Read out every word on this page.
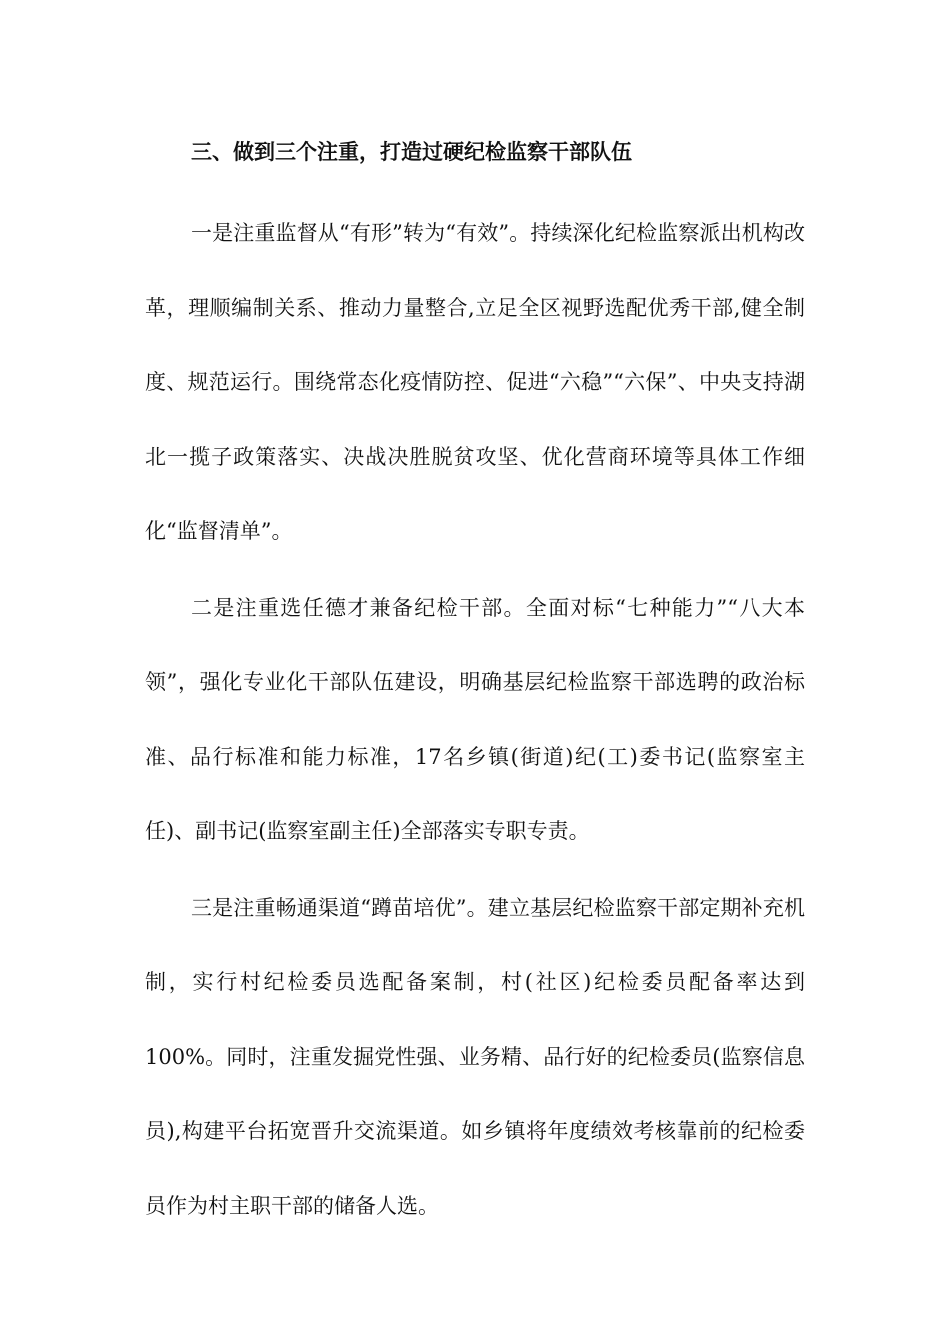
三、做到三个注重，打造过硬纪检监察干部队伍

一是注重监督从“有形”转为“有效”。持续深化纪检监察派出机构改革，理顺编制关系、推动力量整合,立足全区视野选配优秀干部,健全制度、规范运行。围绕常态化疫情防控、促进“六稳”“六保”、中央支持湖北一揽子政策落实、决战决胜脱贫攻坚、优化营商环境等具体工作细化“监督清单”。

二是注重选任德才兼备纪检干部。全面对标“七种能力”“八大本领”，强化专业化干部队伍建设，明确基层纪检监察干部选聘的政治标准、品行标准和能力标准，17名乡镇(街道)纪(工)委书记(监察室主任)、副书记(监察室副主任)全部落实专职专责。

三是注重畅通渠道“蹲苗培优”。建立基层纪检监察干部定期补充机制，实行村纪检委员选配备案制，村(社区)纪检委员配备率达到100%。同时，注重发掘党性强、业务精、品行好的纪检委员(监察信息员),构建平台拓宽晋升交流渠道。如乡镇将年度绩效考核靠前的纪检委员作为村主职干部的储备人选。
